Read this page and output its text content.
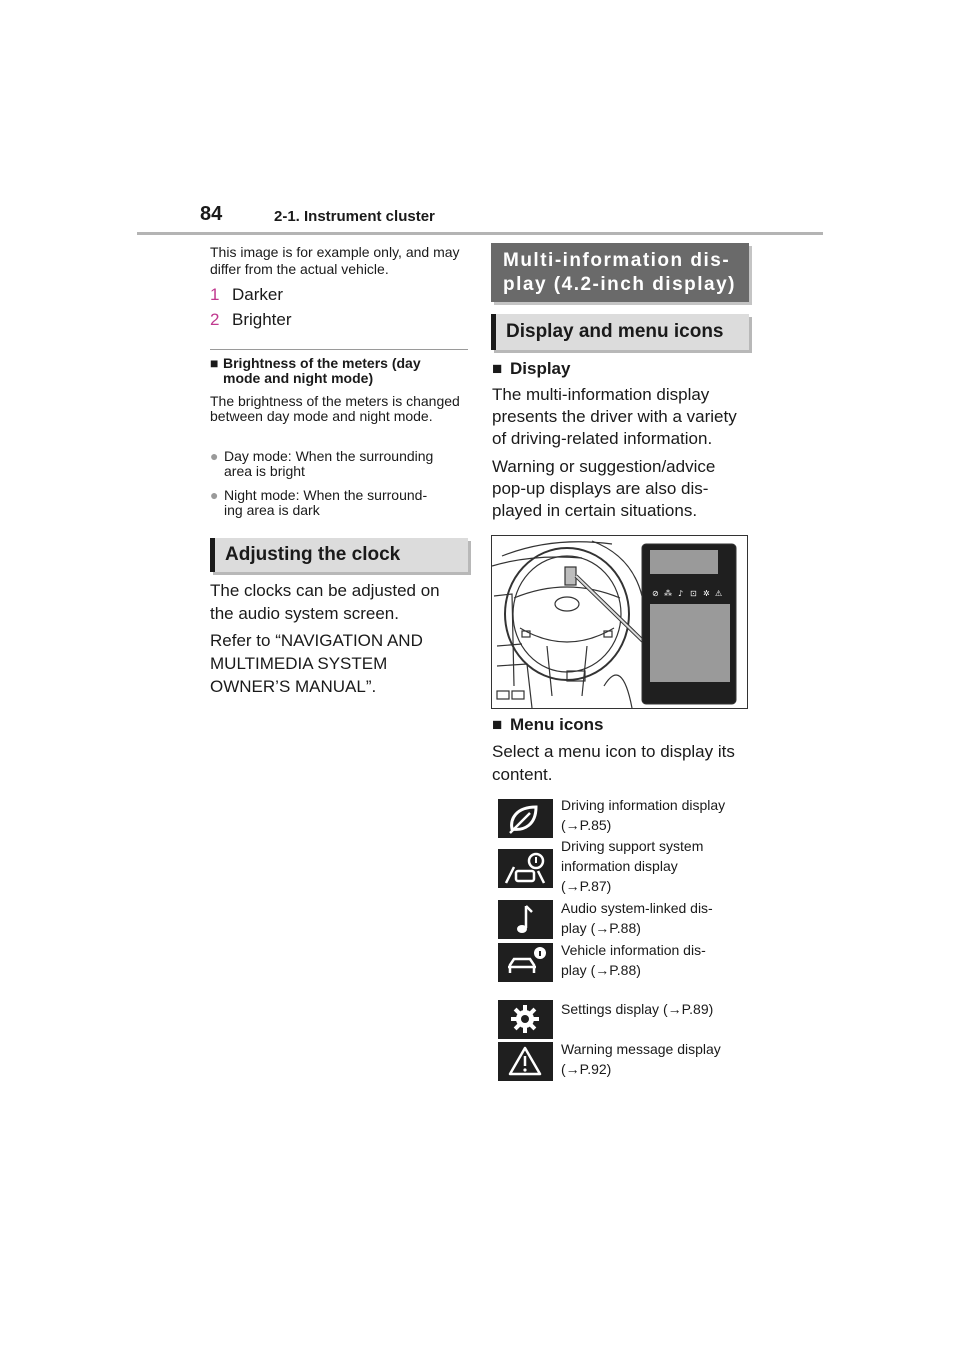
84	2-1. Instrument cluster
This image is for example only, and may differ from the actual vehicle.
1 Darker
2 Brighter
■ Brightness of the meters (day
mode and night mode)
The brightness of the meters is changed between day mode and night mode.
● Day mode: When the surrounding
area is bright
● Night mode: When the surround-
ing area is dark
Adjusting the clock
The clocks can be adjusted on the audio system screen.
Refer to “NAVIGATION AND MULTIMEDIA SYSTEM OWNER’S MANUAL”.
Multi-information dis-
play (4.2-inch display)
Display and menu icons
■ Display
The multi-information display presents the driver with a variety of driving-related information.
Warning or suggestion/advice pop-up displays are also dis-played in certain situations.
⊘ ⁂ ♪ ⊡ ✲ ⚠
■ Menu icons
Select a menu icon to display its content.
Driving information display
(→P.85)
Driving support system
information display
(→P.87)
Audio system-linked dis-
play (→P.88)
Vehicle information dis-
play (→P.88)
Settings display (→P.89)
Warning message display
(→P.92)
